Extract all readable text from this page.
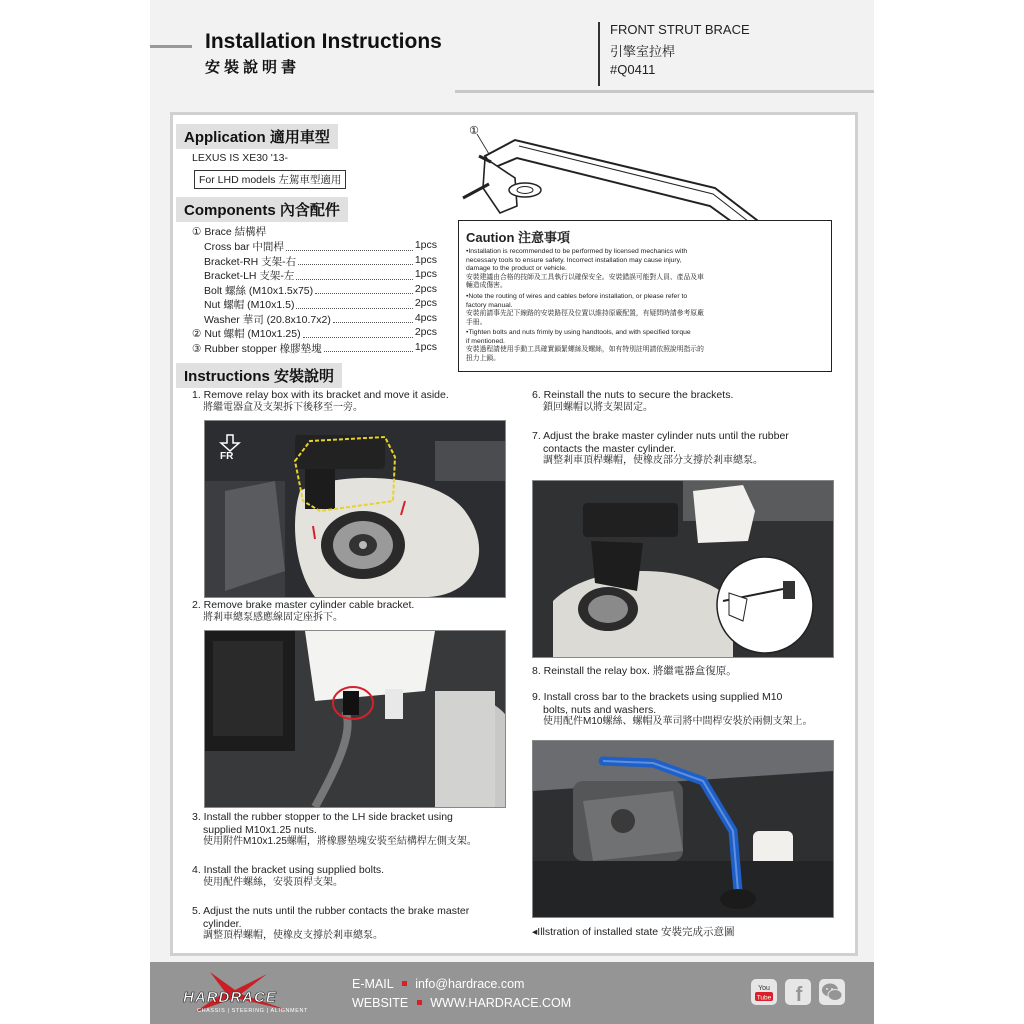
Installation Instructions
安裝說明書
FRONT STRUT BRACE
引擎室拉桿
#Q0411
Application 適用車型
LEXUS IS XE30 '13-
For LHD models 左駕車型適用
Components 內含配件
① Brace 結構桿
Cross bar 中間桿	1pcs
Bracket-RH 支架-右	1pcs
Bracket-LH 支架-左	1pcs
Bolt 螺絲 (M10x1.5x75)	2pcs
Nut 螺帽 (M10x1.5)	2pcs
Washer 華司 (20.8x10.7x2)	4pcs
② Nut 螺帽 (M10x1.25)	2pcs
③ Rubber stopper 橡膠墊塊	1pcs
①
Caution 注意事項
•Installation is recommended to be performed by licensed mechanics with
necessary tools to ensure safety. Incorrect installation may cause injury,
damage to the product or vehicle.
安裝建議由合格的技師及工具執行以確保安全。安裝錯誤可能對人員、產品及車
輛造成傷害。
•Note the routing of wires and cables before installation, or please refer to
factory manual.
安裝前請事先記下線路的安裝路徑及位置以維持原廠配置，有疑問時請參考原廠
手冊。
•Tighten bolts and nuts frimly by using handtools, and with specified torque
if mentioned.
安裝過程請使用手動工具確實鎖緊螺絲及螺絲，如有特別註明請依照說明指示的
扭力上鎖。
Instructions 安裝說明
1. Remove relay box with its bracket and move it aside.
將繼電器盒及支架拆下後移至一旁。
FR
2. Remove brake master cylinder cable bracket.
將剎車總泵感應線固定座拆下。
3. Install the rubber stopper to the LH side bracket using
supplied M10x1.25 nuts.
使用附件M10x1.25螺帽，將橡膠墊塊安裝至結構桿左側支架。
4. Install the bracket using supplied bolts.
使用配件螺絲，安裝頂桿支架。
5. Adjust the nuts until the rubber contacts the brake master
cylinder.
調整頂桿螺帽，使橡皮支撐於剎車總泵。
6. Reinstall the nuts to secure the brackets.
鎖回螺帽以將支架固定。
7. Adjust the brake master cylinder nuts until the rubber
contacts the master cylinder.
調整剎車頂桿螺帽，使橡皮部分支撐於剎車總泵。
8. Reinstall the relay box. 將繼電器盒復原。
9. Install cross bar to the brackets using supplied M10
bolts, nuts and washers.
使用配件M10螺絲、螺帽及華司將中間桿安裝於兩側支架上。
◂Illstration of installed state 安裝完成示意圖
HARDRACE
CHASSIS | STEERING | ALIGNMENT
E-MAIL info@hardrace.com
WEBSITE WWW.HARDRACE.COM
You
Tube f
